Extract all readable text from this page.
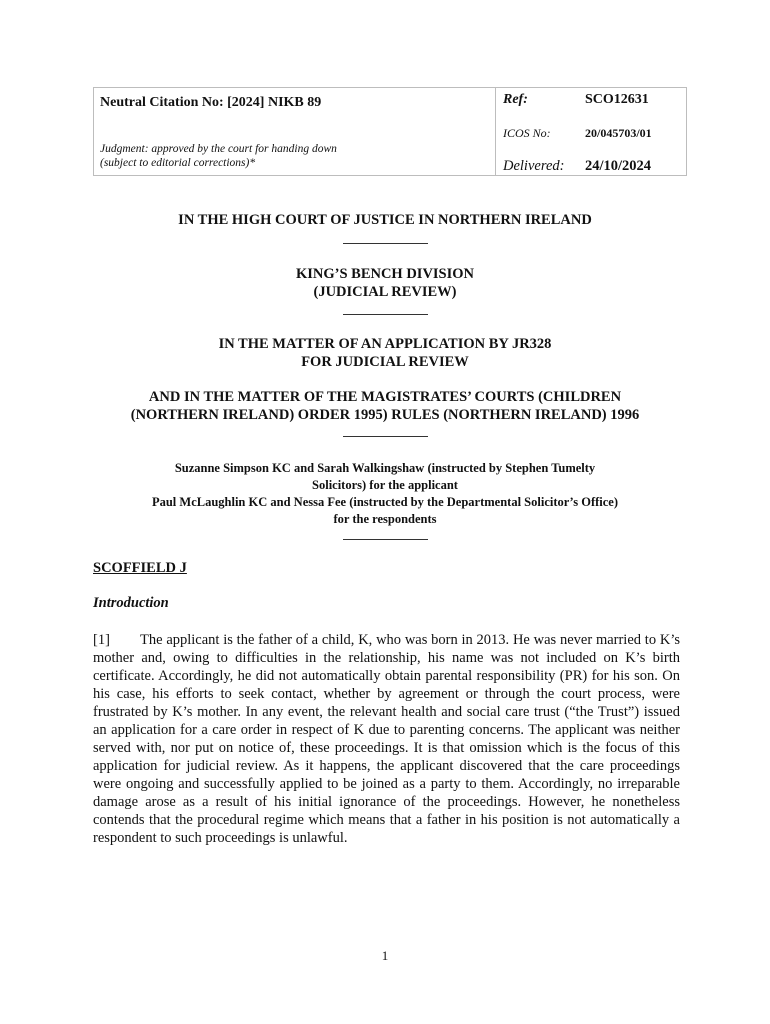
Neutral Citation No: [2024] NIKB 89
Judgment: approved by the court for handing down
(subject to editorial corrections)*
Ref:	SCO12631
ICOS No:	20/045703/01
Delivered: 24/10/2024
IN THE HIGH COURT OF JUSTICE IN NORTHERN IRELAND
KING’S BENCH DIVISION
(JUDICIAL REVIEW)
IN THE MATTER OF AN APPLICATION BY JR328
FOR JUDICIAL REVIEW
AND IN THE MATTER OF THE MAGISTRATES’ COURTS (CHILDREN
(NORTHERN IRELAND) ORDER 1995) RULES (NORTHERN IRELAND) 1996
Suzanne Simpson KC and Sarah Walkingshaw (instructed by Stephen Tumelty
Solicitors) for the applicant
Paul McLaughlin KC and Nessa Fee (instructed by the Departmental Solicitor’s Office)
for the respondents
SCOFFIELD J
Introduction
[1] The applicant is the father of a child, K, who was born in 2013. He was never married to K’s mother and, owing to difficulties in the relationship, his name was not included on K’s birth certificate. Accordingly, he did not automatically obtain parental responsibility (PR) for his son. On his case, his efforts to seek contact, whether by agreement or through the court process, were frustrated by K’s mother. In any event, the relevant health and social care trust (“the Trust”) issued an application for a care order in respect of K due to parenting concerns. The applicant was neither served with, nor put on notice of, these proceedings. It is that omission which is the focus of this application for judicial review. As it happens, the applicant discovered that the care proceedings were ongoing and successfully applied to be joined as a party to them. Accordingly, no irreparable damage arose as a result of his initial ignorance of the proceedings. However, he nonetheless contends that the procedural regime which means that a father in his position is not automatically a respondent to such proceedings is unlawful.
1
